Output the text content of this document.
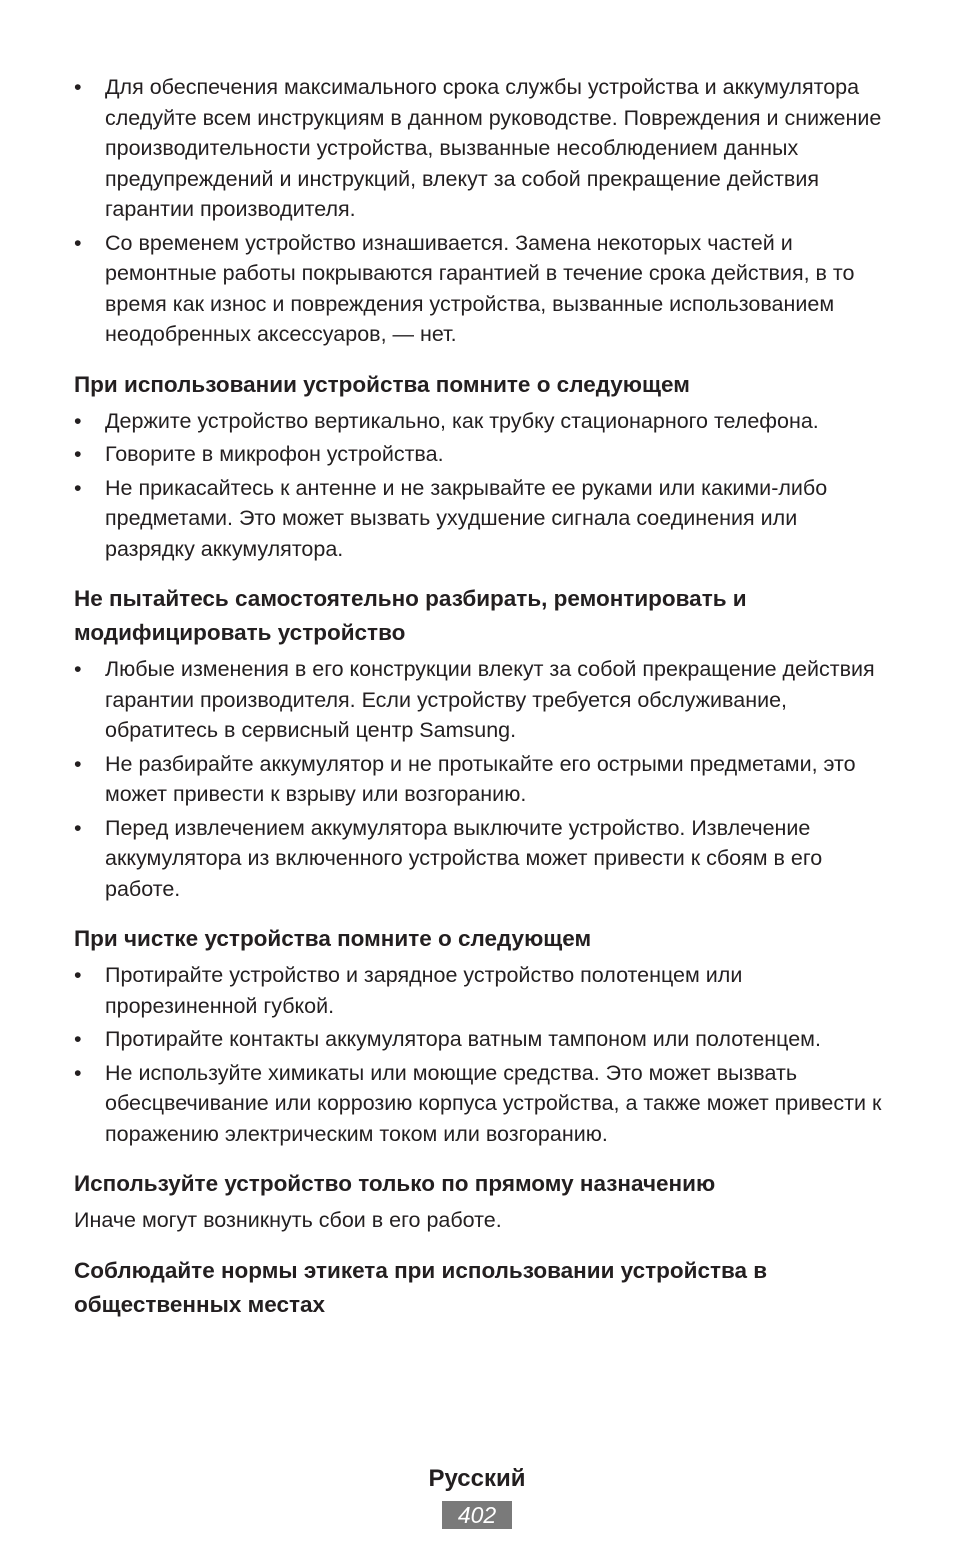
• Для обеспечения максимального срока службы устройства и аккумулятора следуйте всем инструкциям в данном руководстве. Повреждения и снижение производительности устройства, вызванные несоблюдением данных предупреждений и инструкций, влекут за собой прекращение действия гарантии производителя.
• Со временем устройство изнашивается. Замена некоторых частей и ремонтные работы покрываются гарантией в течение срока действия, в то время как износ и повреждения устройства, вызванные использованием неодобренных аксессуаров, — нет.
При использовании устройства помните о следующем
• Держите устройство вертикально, как трубку стационарного телефона.
• Говорите в микрофон устройства.
• Не прикасайтесь к антенне и не закрывайте ее руками или какими-либо предметами. Это может вызвать ухудшение сигнала соединения или разрядку аккумулятора.
Не пытайтесь самостоятельно разбирать, ремонтировать и модифицировать устройство
• Любые изменения в его конструкции влекут за собой прекращение действия гарантии производителя. Если устройству требуется обслуживание, обратитесь в сервисный центр Samsung.
• Не разбирайте аккумулятор и не протыкайте его острыми предметами, это может привести к взрыву или возгоранию.
• Перед извлечением аккумулятора выключите устройство. Извлечение аккумулятора из включенного устройства может привести к сбоям в его работе.
При чистке устройства помните о следующем
• Протирайте устройство и зарядное устройство полотенцем или прорезиненной губкой.
• Протирайте контакты аккумулятора ватным тампоном или полотенцем.
• Не используйте химикаты или моющие средства. Это может вызвать обесцвечивание или коррозию корпуса устройства, а также может привести к поражению электрическим током или возгоранию.
Используйте устройство только по прямому назначению

Иначе могут возникнуть сбои в его работе.

Соблюдайте нормы этикета при использовании устройства в общественных местах
Русский
402
